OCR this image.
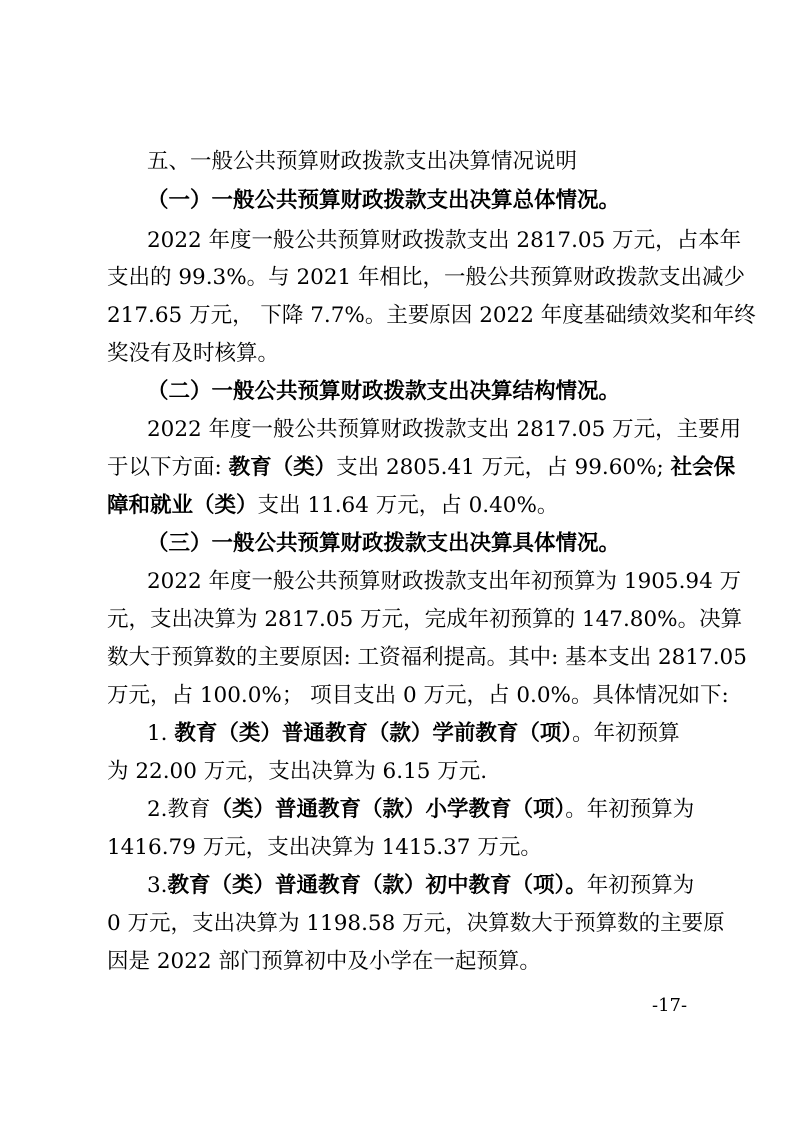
五、一般公共预算财政拨款支出决算情况说明
（一）一般公共预算财政拨款支出决算总体情况。
2022 年度一般公共预算财政拨款支出 2817.05 万元，占本年
支出的 99.3%。与 2021 年相比，一般公共预算财政拨款支出减少
217.65 万元， 下降 7.7%。主要原因 2022 年度基础绩效奖和年终
奖没有及时核算。
（二）一般公共预算财政拨款支出决算结构情况。
2022 年度一般公共预算财政拨款支出 2817.05 万元，主要用
于以下方面: 教育（类）支出 2805.41 万元，占 99.60%; 社会保
障和就业（类）支出 11.64 万元，占 0.40%。
（三）一般公共预算财政拨款支出决算具体情况。
2022 年度一般公共预算财政拨款支出年初预算为 1905.94 万
元，支出决算为 2817.05 万元，完成年初预算的 147.80%。决算
数大于预算数的主要原因: 工资福利提高。其中: 基本支出 2817.05
万元，占 100.0%； 项目支出 0 万元，占 0.0%。具体情况如下:
1. 教育（类）普通教育（款）学前教育（项）。年初预算
为 22.00 万元，支出决算为 6.15 万元.
2.教育（类）普通教育（款）小学教育（项）。年初预算为
1416.79 万元，支出决算为 1415.37 万元。
3.教育（类）普通教育（款）初中教育（项）。年初预算为
0 万元，支出决算为 1198.58 万元，决算数大于预算数的主要原
因是 2022 部门预算初中及小学在一起预算。
-17-
